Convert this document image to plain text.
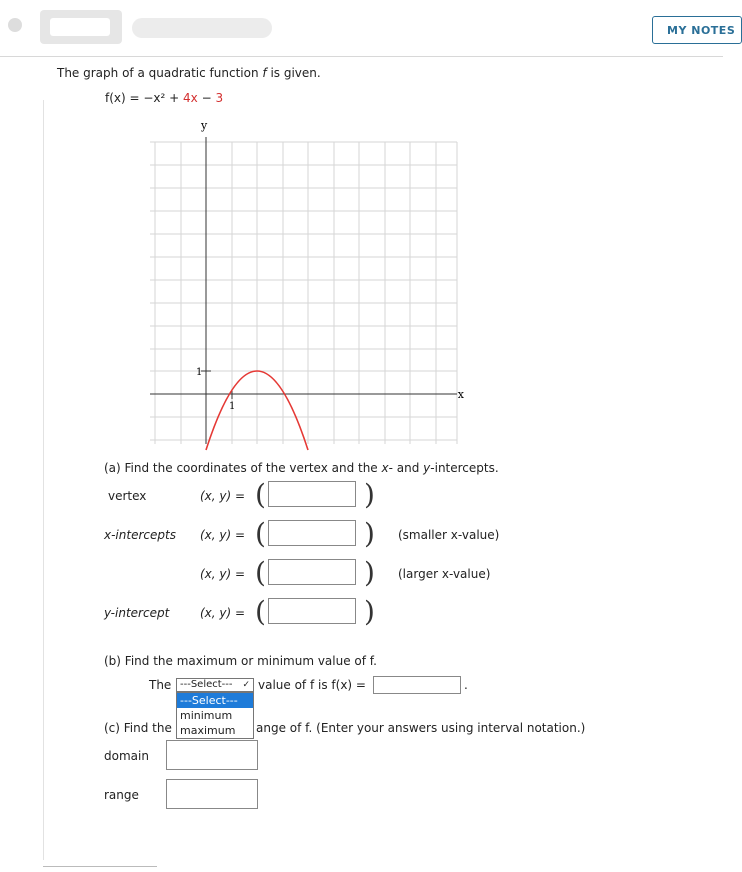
MY NOTES
The graph of a quadratic function f is given.
f(x) = −x² + 4x − 3
y
x
1
1
(a) Find the coordinates of the vertex and the x- and y-intercepts.
vertex	(x, y) = (	)
x-intercepts (x, y) = (	) (smaller x-value)
(x, y) = (	) (larger x-value)
y-intercept	(x, y) = (	)
(b) Find the maximum or minimum value of f.
The ---Select--- ✓ value of f is f(x) =	.
---Select---
minimum
maximum
(c) Find the	ange of f. (Enter your answers using interval notation.)
domain
range
